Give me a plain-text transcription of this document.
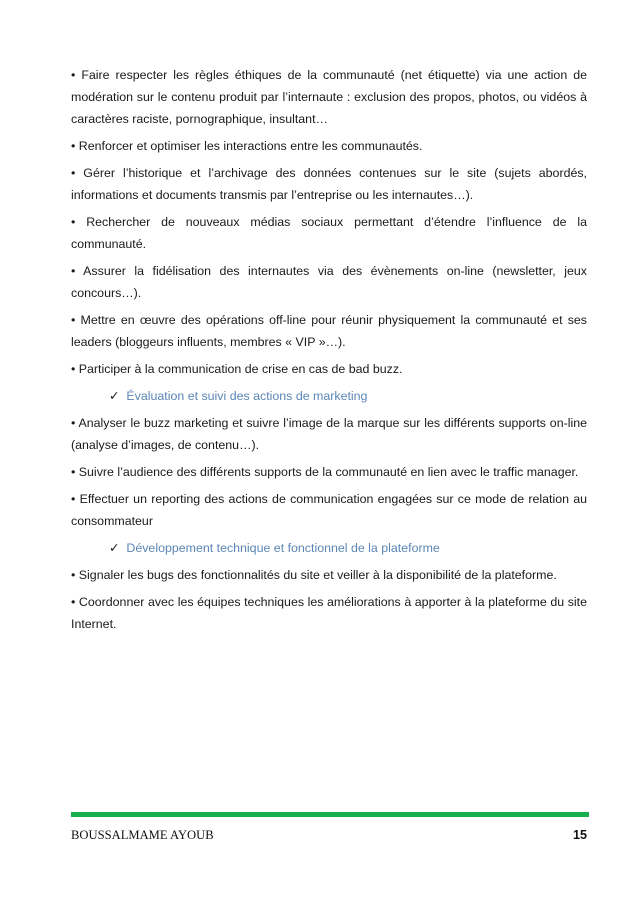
• Faire respecter les règles éthiques de la communauté (net étiquette) via une action de modération sur le contenu produit par l’internaute : exclusion des propos, photos, ou vidéos à caractères raciste, pornographique, insultant…

• Renforcer et optimiser les interactions entre les communautés.

• Gérer l’historique et l’archivage des données contenues sur le site (sujets abordés, informations et documents transmis par l’entreprise ou les internautes…).

• Rechercher de nouveaux médias sociaux permettant d’étendre l’influence de la communauté.

• Assurer la fidélisation des internautes via des évènements on-line (newsletter, jeux concours…).

• Mettre en œuvre des opérations off-line pour réunir physiquement la communauté et ses leaders (bloggeurs influents, membres « VIP »…).

• Participer à la communication de crise en cas de bad buzz.

✓ Évaluation et suivi des actions de marketing

• Analyser le buzz marketing et suivre l’image de la marque sur les différents supports on-line (analyse d’images, de contenu…).

• Suivre l’audience des différents supports de la communauté en lien avec le traffic manager.

• Effectuer un reporting des actions de communication engagées sur ce mode de relation au consommateur

✓ Développement technique et fonctionnel de la plateforme

• Signaler les bugs des fonctionnalités du site et veiller à la disponibilité de la plateforme.

• Coordonner avec les équipes techniques les améliorations à apporter à la plateforme du site Internet.

BOUSSALMAME AYOUB	15
